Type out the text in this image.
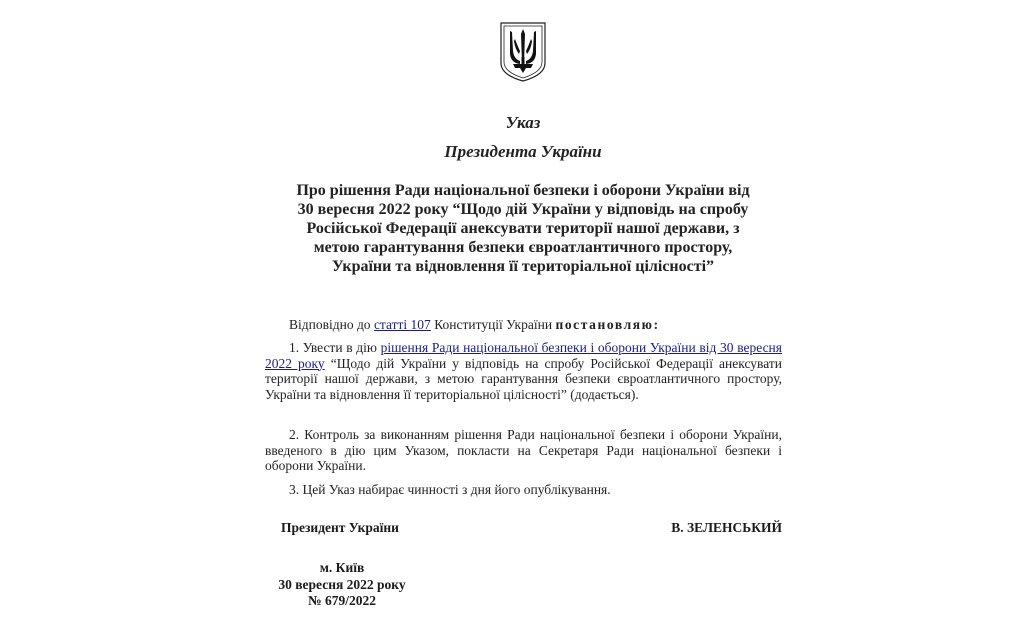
Указ
Президента України
Про рішення Ради національної безпеки і оборони України від 30 вересня 2022 року “Щодо дій України у відповідь на спробу Російської Федерації анексувати території нашої держави, з метою гарантування безпеки євроатлантичного простору, України та відновлення її територіальної цілісності”
Відповідно до статті 107 Конституції України постановляю:
1. Увести в дію рішення Ради національної безпеки і оборони України від 30 вересня 2022 року “Щодо дій України у відповідь на спробу Російської Федерації анексувати території нашої держави, з метою гарантування безпеки євроатлантичного простору, України та відновлення її територіальної цілісності” (додається).
2. Контроль за виконанням рішення Ради національної безпеки і оборони України, введеного в дію цим Указом, покласти на Секретаря Ради національної безпеки і оборони України.
3. Цей Указ набирає чинності з дня його опублікування.
Президент України	В. ЗЕЛЕНСЬКИЙ
м. Київ
30 вересня 2022 року
№ 679/2022
